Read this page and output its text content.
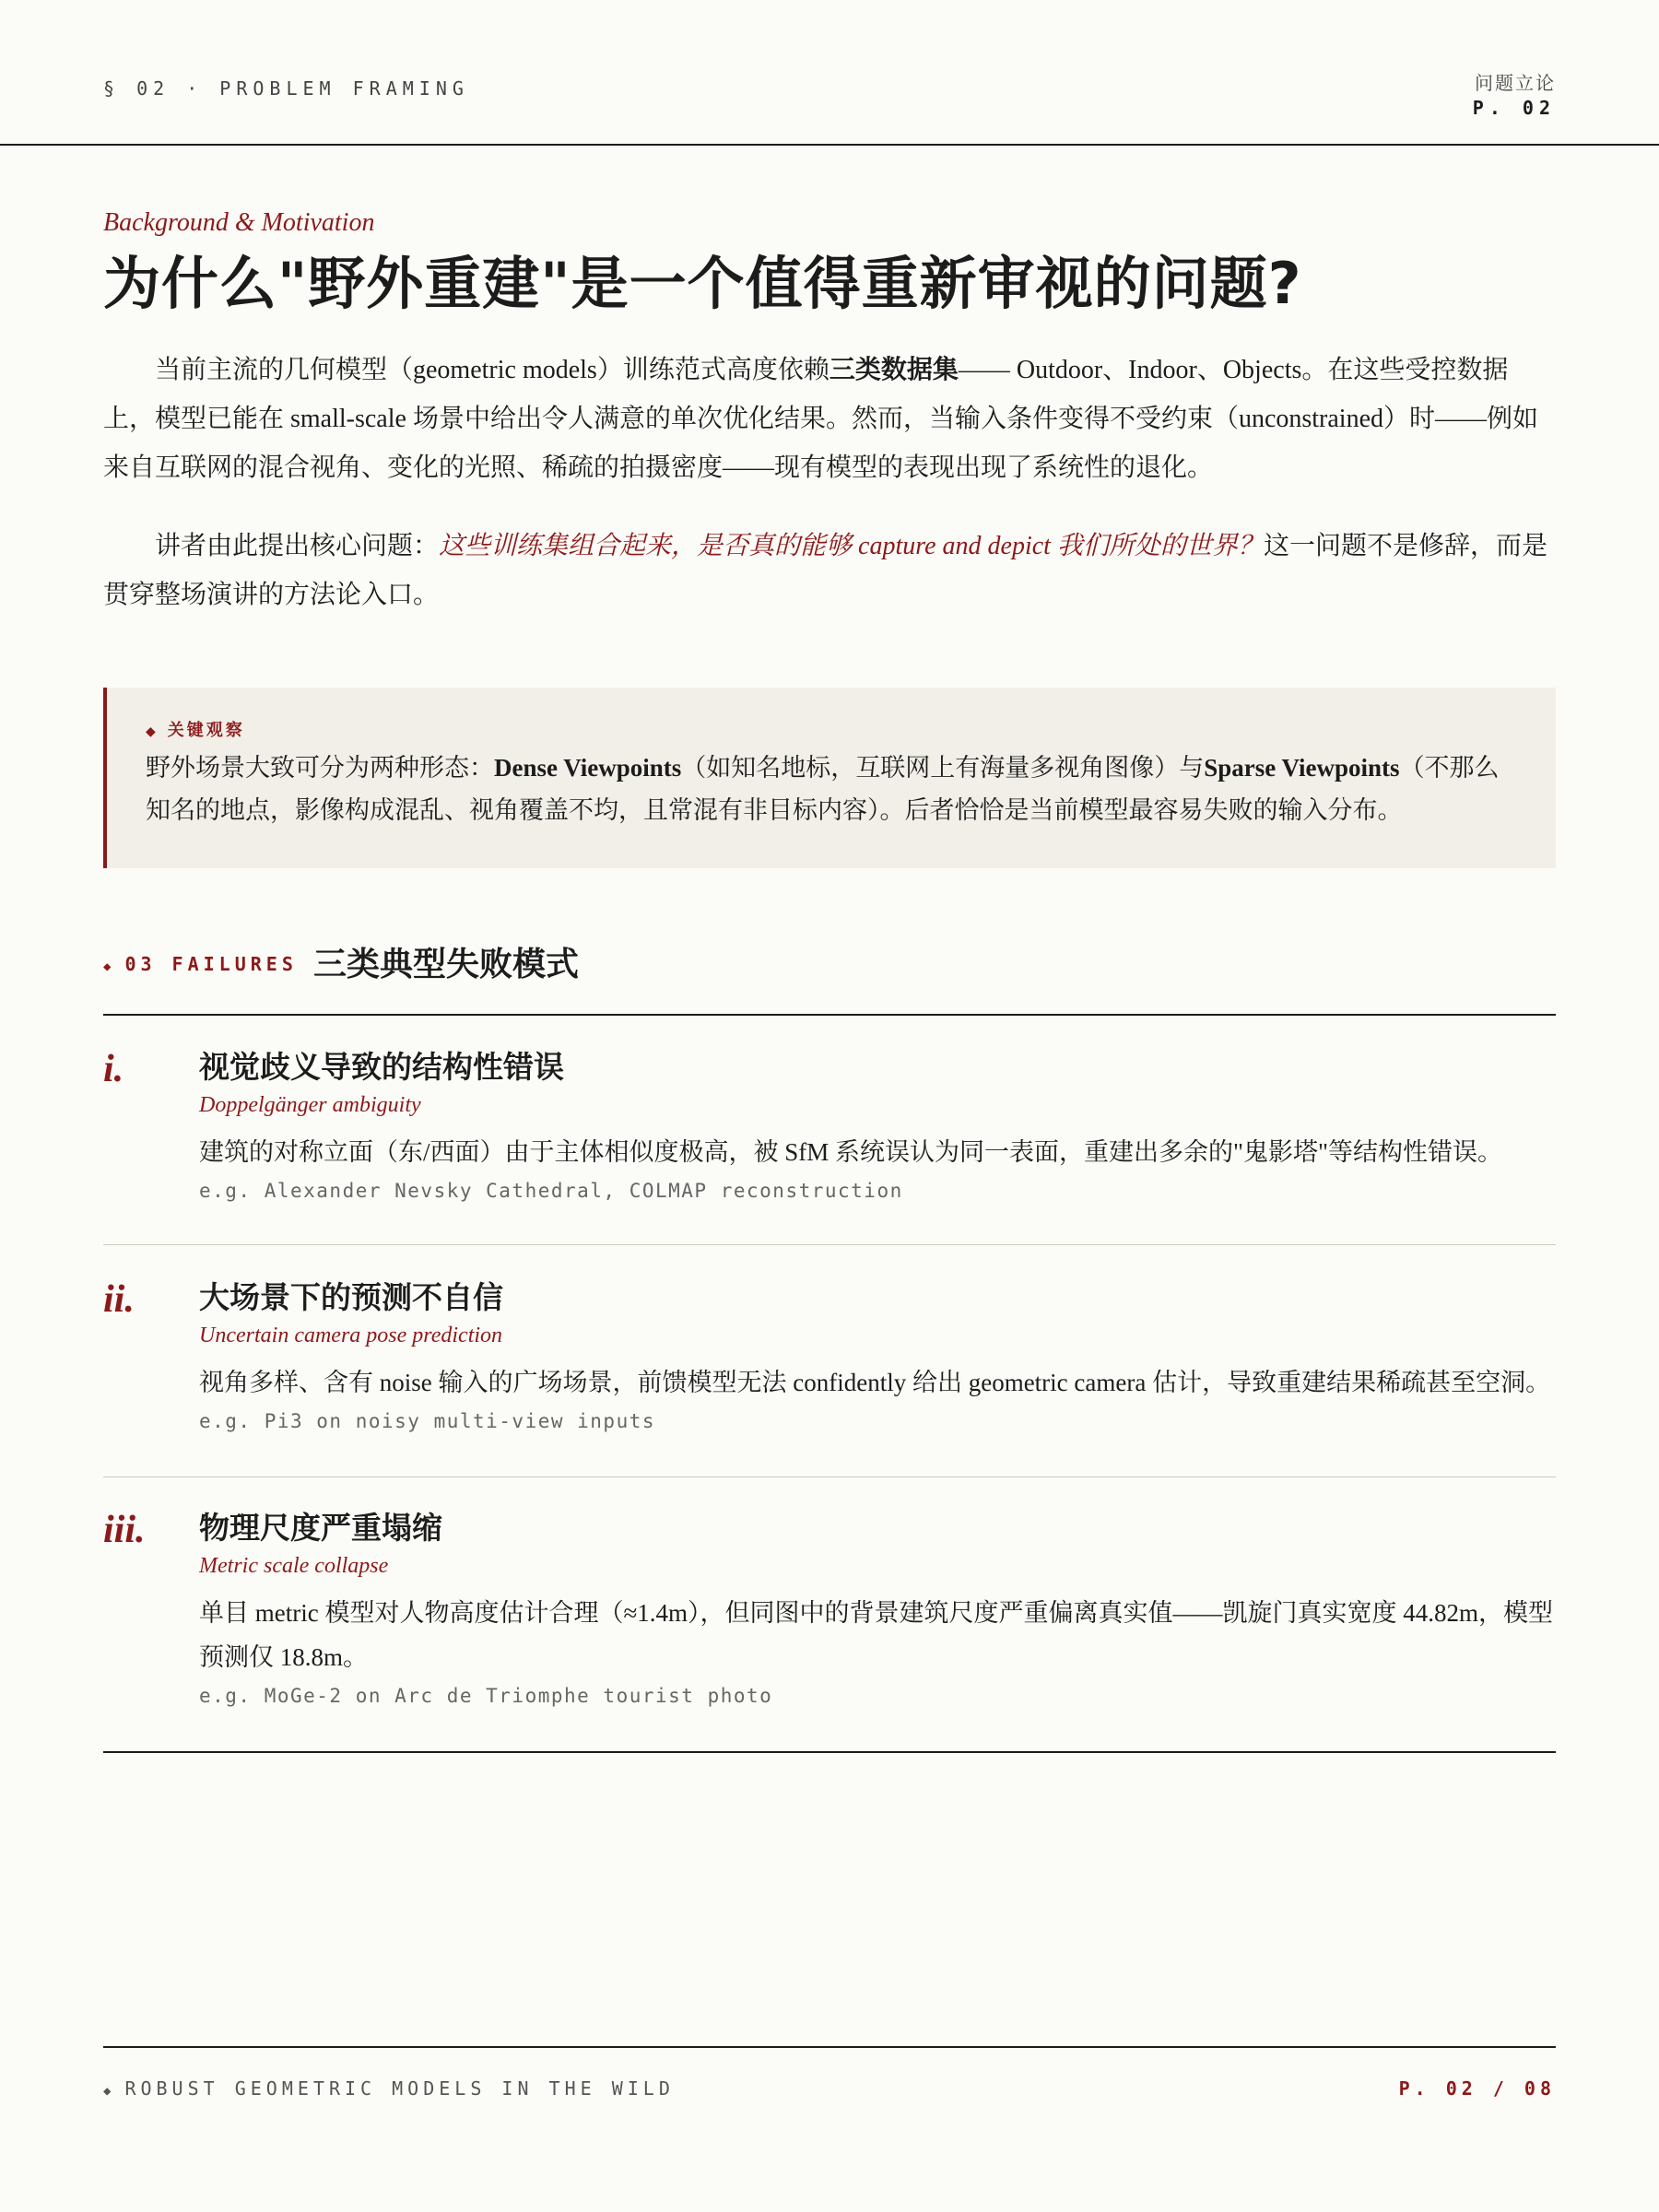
§ 02 · PROBLEM FRAMING	问题立论
P. 02
Background & Motivation
为什么"野外重建"是一个值得重新审视的问题?

当前主流的几何模型（geometric models）训练范式高度依赖三类数据集—— Outdoor、Indoor、Objects。在这些受控数据上，模型已能在 small-scale 场景中给出令人满意的单次优化结果。然而，当输入条件变得不受约束（unconstrained）时——例如来自互联网的混合视角、变化的光照、稀疏的拍摄密度——现有模型的表现出现了系统性的退化。

讲者由此提出核心问题：这些训练集组合起来，是否真的能够 capture and depict 我们所处的世界？这一问题不是修辞，而是贯穿整场演讲的方法论入口。

◆ 关键观察
野外场景大致可分为两种形态：Dense Viewpoints（如知名地标，互联网上有海量多视角图像）与Sparse Viewpoints（不那么知名的地点，影像构成混乱、视角覆盖不均，且常混有非目标内容）。后者恰恰是当前模型最容易失败的输入分布。
◆ 03 FAILURES 三类典型失败模式
i. 视觉歧义导致的结构性错误
Doppelgänger ambiguity
建筑的对称立面（东/西面）由于主体相似度极高，被 SfM 系统误认为同一表面，重建出多余的"鬼影塔"等结构性错误。
e.g. Alexander Nevsky Cathedral, COLMAP reconstruction
ii. 大场景下的预测不自信
Uncertain camera pose prediction
视角多样、含有 noise 输入的广场场景，前馈模型无法 confidently 给出 geometric camera 估计，导致重建结果稀疏甚至空洞。
e.g. Pi3 on noisy multi-view inputs
iii. 物理尺度严重塌缩
Metric scale collapse
单目 metric 模型对人物高度估计合理（≈1.4m），但同图中的背景建筑尺度严重偏离真实值——凯旋门真实宽度 44.82m，模型预测仅 18.8m。
e.g. MoGe-2 on Arc de Triomphe tourist photo
◆ ROBUST GEOMETRIC MODELS IN THE WILD	P. 02 / 08
